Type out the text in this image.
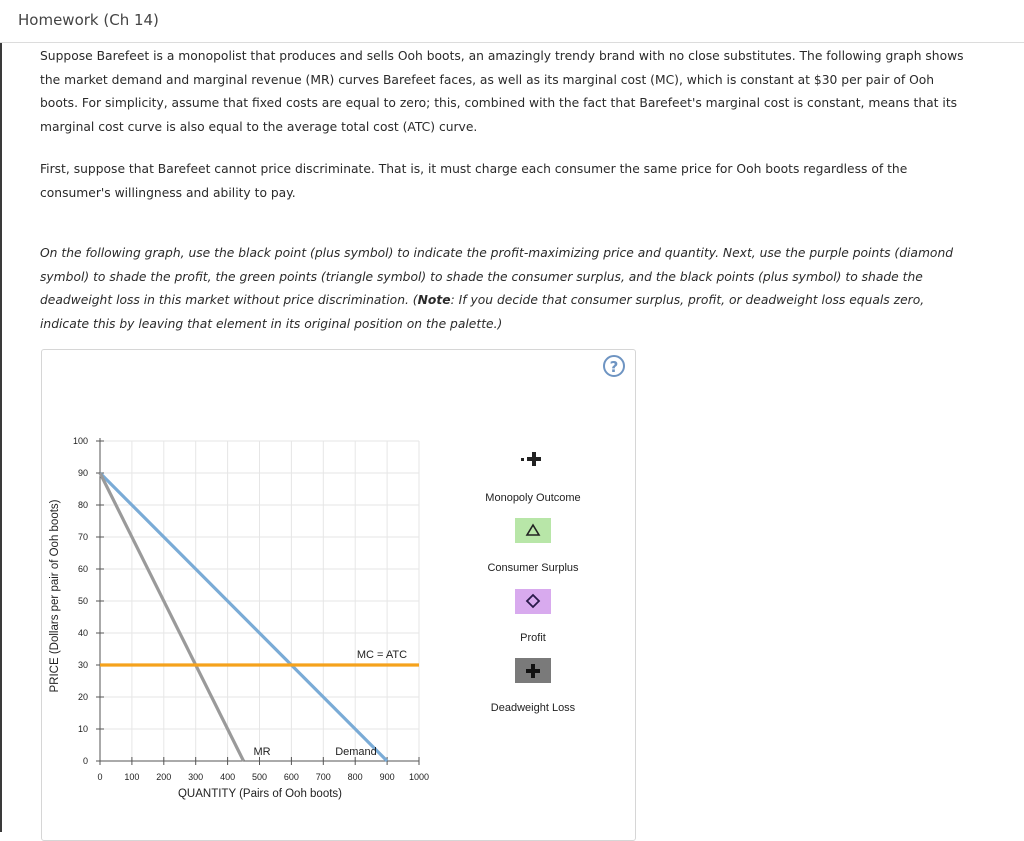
Homework (Ch 14)

Suppose Barefeet is a monopolist that produces and sells Ooh boots, an amazingly trendy brand with no close substitutes. The following graph shows the market demand and marginal revenue (MR) curves Barefeet faces, as well as its marginal cost (MC), which is constant at $30 per pair of Ooh boots. For simplicity, assume that fixed costs are equal to zero; this, combined with the fact that Barefeet's marginal cost is constant, means that its marginal cost curve is also equal to the average total cost (ATC) curve.

First, suppose that Barefeet cannot price discriminate. That is, it must charge each consumer the same price for Ooh boots regardless of the consumer's willingness and ability to pay.

On the following graph, use the black point (plus symbol) to indicate the profit-maximizing price and quantity. Next, use the purple points (diamond symbol) to shade the profit, the green points (triangle symbol) to shade the consumer surplus, and the black points (plus symbol) to shade the deadweight loss in this market without price discrimination. (Note: If you decide that consumer surplus, profit, or deadweight loss equals zero, indicate this by leaving that element in its original position on the palette.)

?
0 100 200 300 400 500 600 700 800 900 1000
0
10
20
30
40
50
60
70
80
90
100
QUANTITY (Pairs of Ooh boots)
PRICE (Dollars per pair of Ooh boots)	MC = ATC
MR	Demand
Monopoly Outcome
Consumer Surplus
Profit
Deadweight Loss
